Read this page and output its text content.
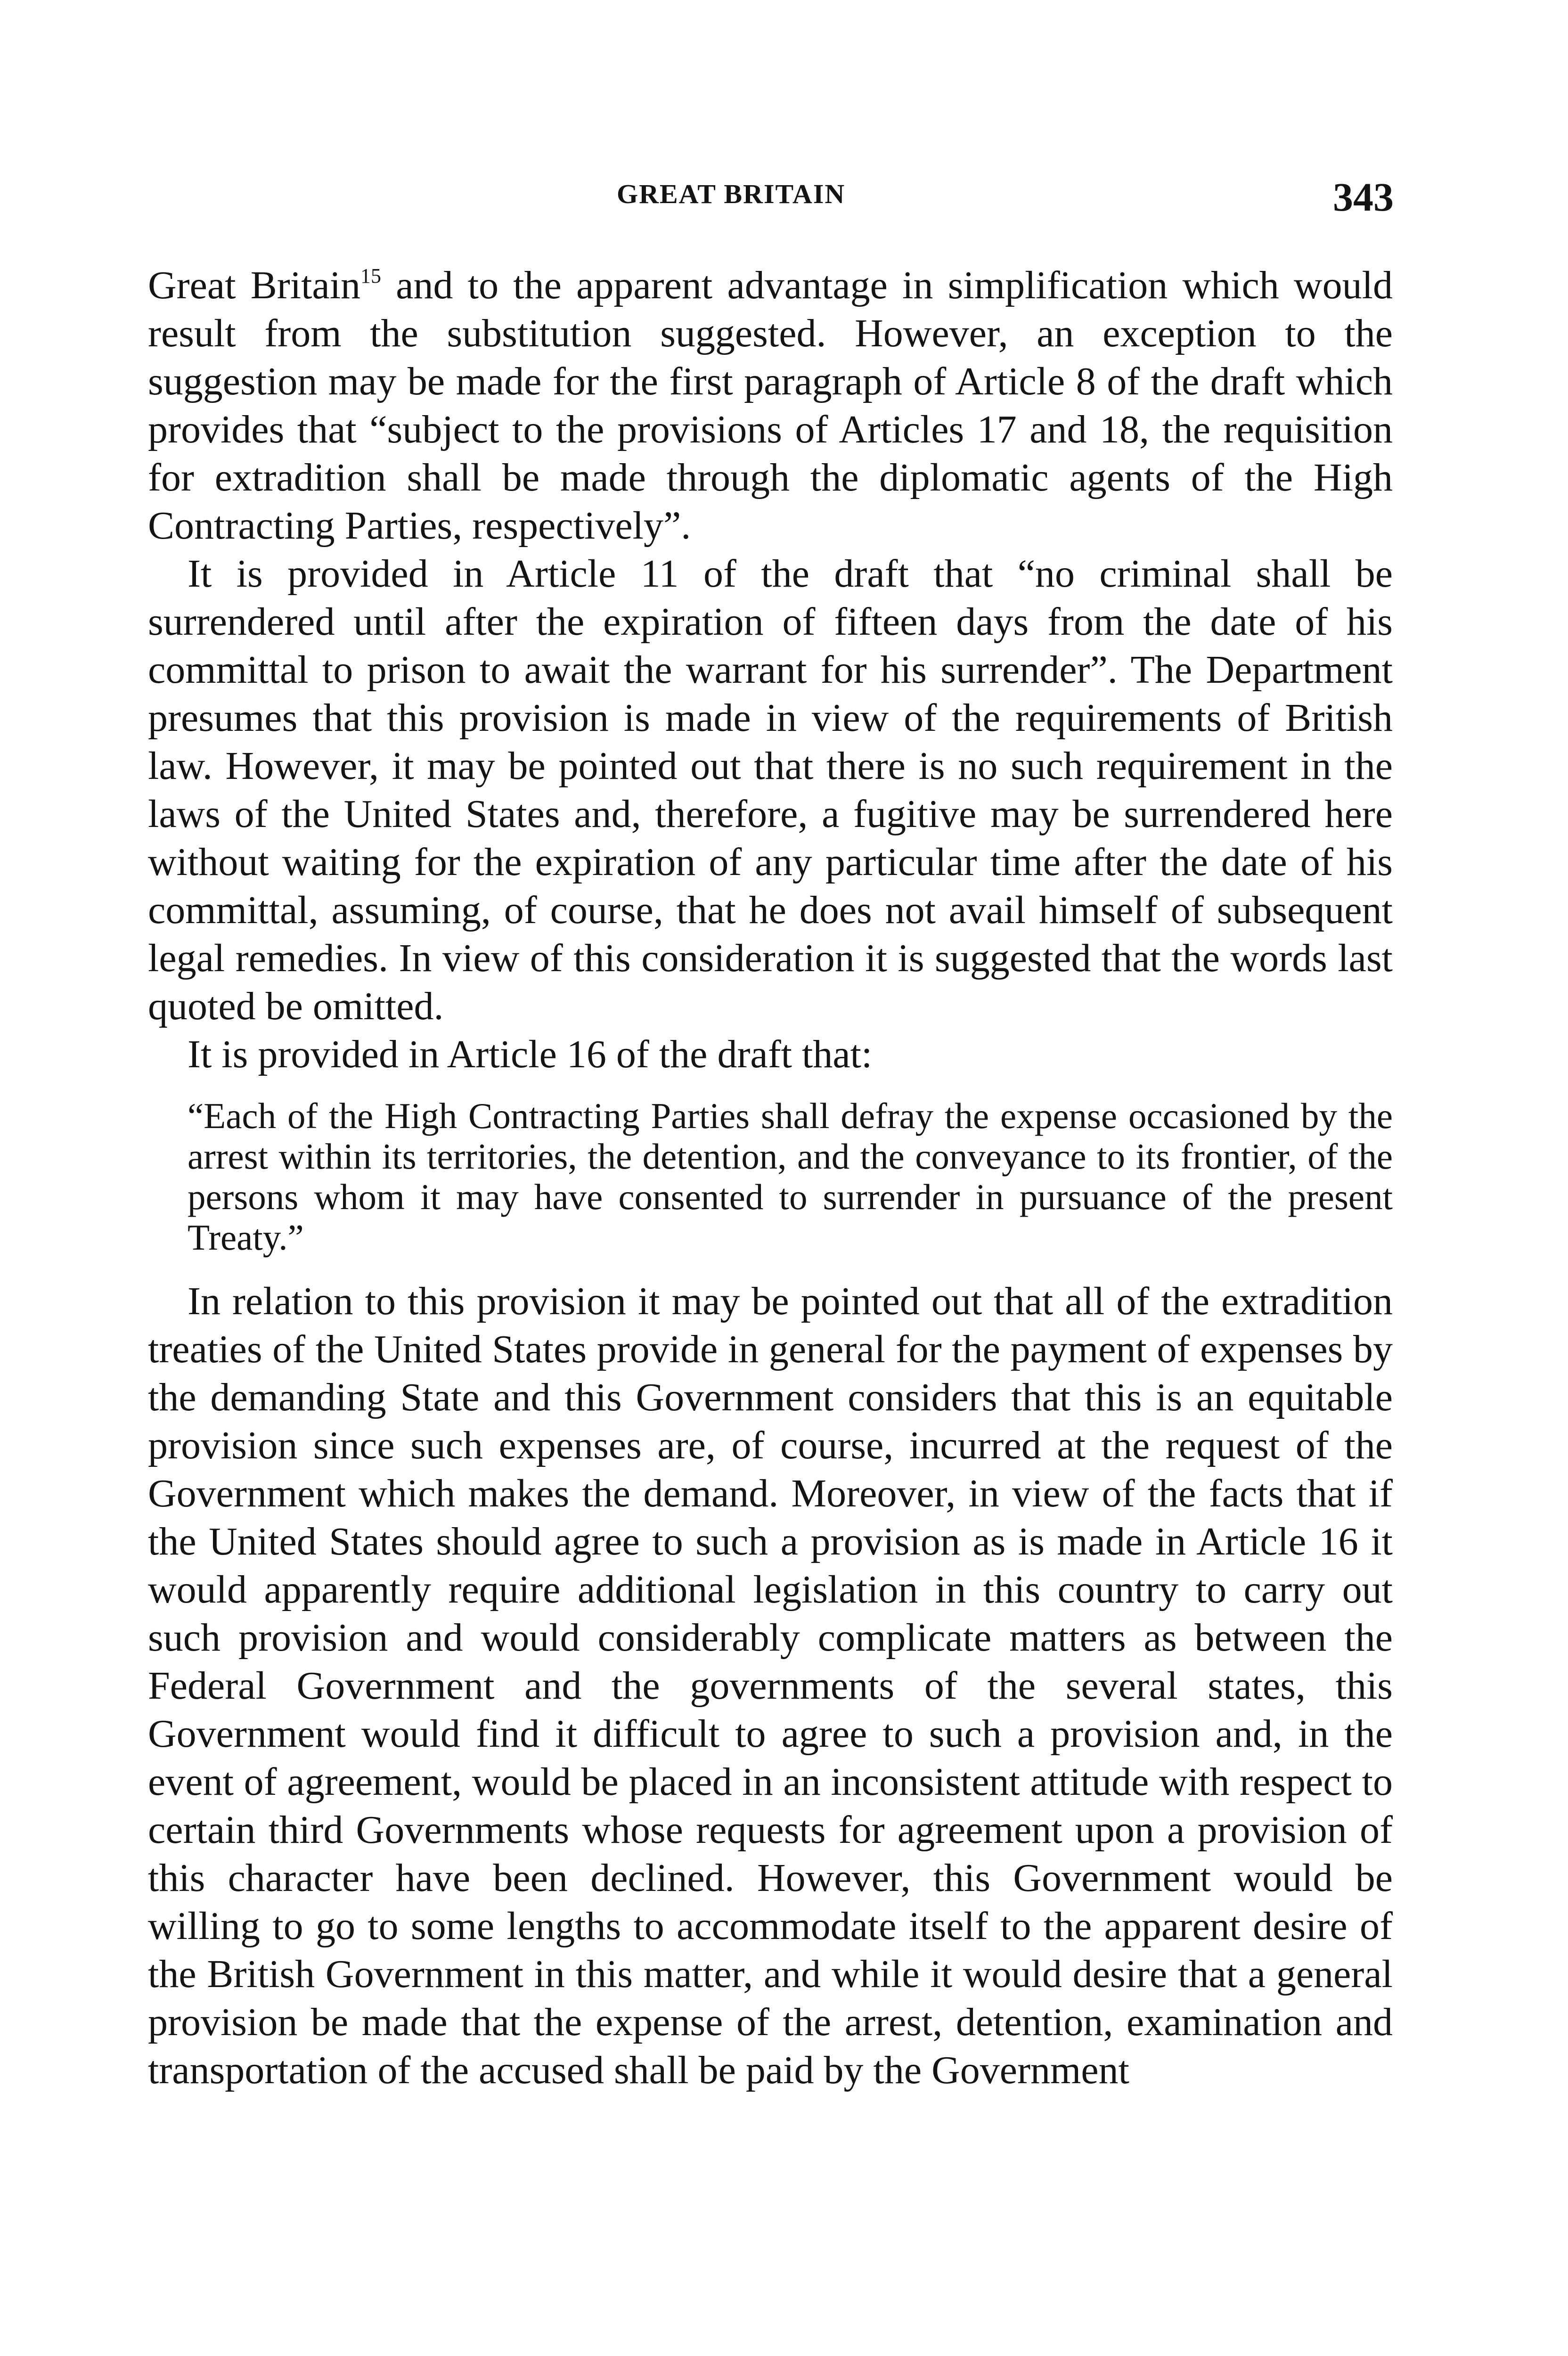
GREAT BRITAIN	343

Great Britain$^{15}$ and to the apparent advantage in simplification which would result from the substitution suggested. However, an exception to the suggestion may be made for the first paragraph of Article 8 of the draft which provides that “subject to the provisions of Articles 17 and 18, the requisition for extradition shall be made through the diplomatic agents of the High Contracting Parties, respectively”.

It is provided in Article 11 of the draft that “no criminal shall be surrendered until after the expiration of fifteen days from the date of his committal to prison to await the warrant for his surrender”. The Department presumes that this provision is made in view of the requirements of British law. However, it may be pointed out that there is no such requirement in the laws of the United States and, therefore, a fugitive may be surrendered here without waiting for the expiration of any particular time after the date of his committal, assuming, of course, that he does not avail himself of subsequent legal remedies. In view of this consideration it is suggested that the words last quoted be omitted.

It is provided in Article 16 of the draft that:

“Each of the High Contracting Parties shall defray the expense occasioned by the arrest within its territories, the detention, and the conveyance to its frontier, of the persons whom it may have consented to surrender in pursuance of the present Treaty.”

In relation to this provision it may be pointed out that all of the extradition treaties of the United States provide in general for the payment of expenses by the demanding State and this Government considers that this is an equitable provision since such expenses are, of course, incurred at the request of the Government which makes the demand. Moreover, in view of the facts that if the United States should agree to such a provision as is made in Article 16 it would apparently require additional legislation in this country to carry out such provision and would considerably complicate matters as between the Federal Government and the governments of the several states, this Government would find it difficult to agree to such a provision and, in the event of agreement, would be placed in an inconsistent attitude with respect to certain third Governments whose requests for agreement upon a provision of this character have been declined. However, this Government would be willing to go to some lengths to accommodate itself to the apparent desire of the British Government in this matter, and while it would desire that a general provision be made that the expense of the arrest, detention, examination and transportation of the accused shall be paid by the Government
